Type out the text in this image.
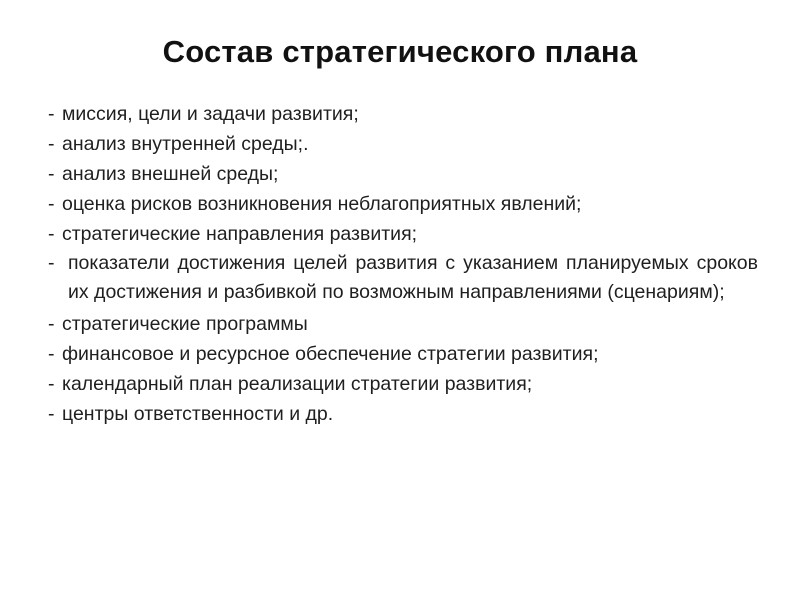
Состав стратегического плана
- миссия, цели и задачи развития;
- анализ внутренней среды;.
- анализ внешней среды;
- оценка рисков возникновения неблагоприятных явлений;
- стратегические направления развития;
- показатели достижения целей развития с указанием планируемых сроков их достижения и разбивкой по возможным направлениями (сценариям);
- стратегические программы
- финансовое и ресурсное обеспечение стратегии развития;
- календарный план реализации стратегии развития;
- центры ответственности и др.
